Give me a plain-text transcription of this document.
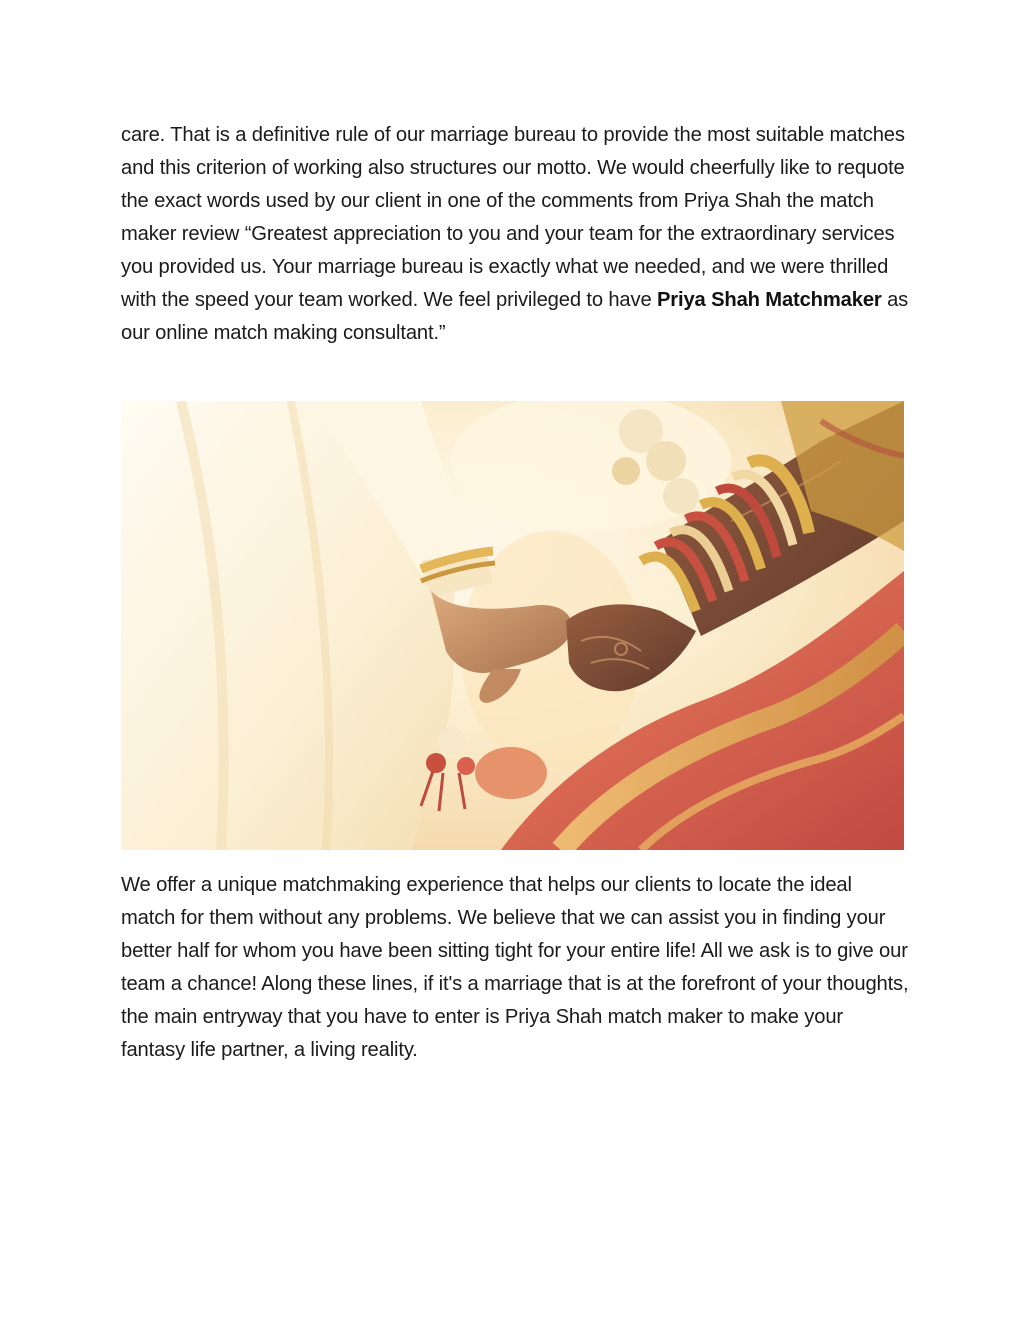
care. That is a definitive rule of our marriage bureau to provide the most suitable matches and this criterion of working also structures our motto. We would cheerfully like to requote the exact words used by our client in one of the comments from Priya Shah the match maker review “Greatest appreciation to you and your team for the extraordinary services you provided us. Your marriage bureau is exactly what we needed, and we were thrilled with the speed your team worked. We feel privileged to have Priya Shah Matchmaker as our online match making consultant.”

We offer a unique matchmaking experience that helps our clients to locate the ideal match for them without any problems. We believe that we can assist you in finding your better half for whom you have been sitting tight for your entire life! All we ask is to give our team a chance! Along these lines, if it's a marriage that is at the forefront of your thoughts, the main entryway that you have to enter is Priya Shah match maker to make your fantasy life partner, a living reality.
